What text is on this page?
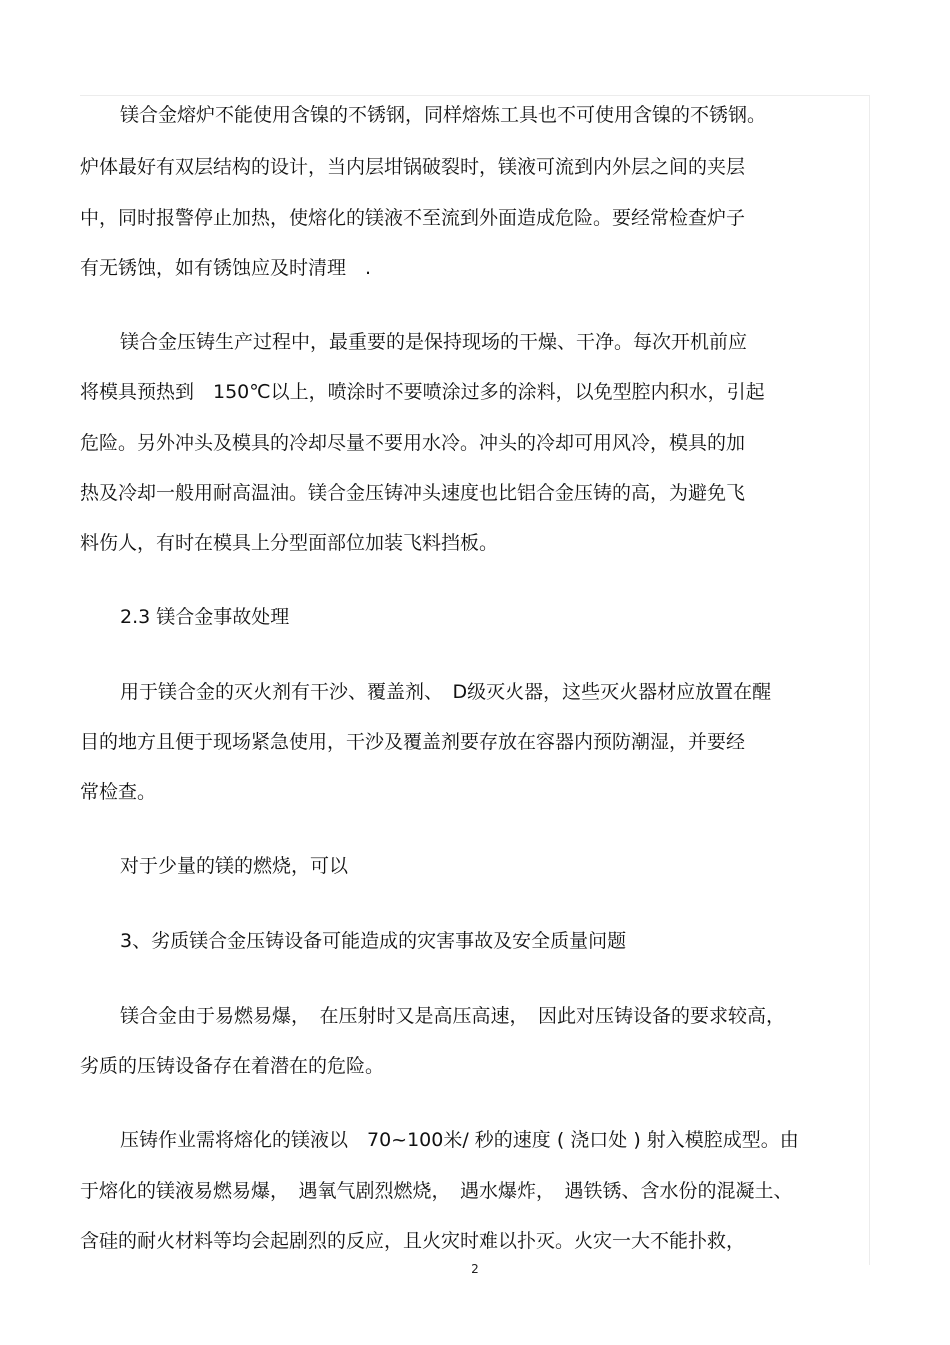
镁合金熔炉不能使用含镍的不锈钢，同样熔炼工具也不可使用含镍的不锈钢。
炉体最好有双层结构的设计，当内层坩锅破裂时，镁液可流到内外层之间的夹层
中，同时报警停止加热，使熔化的镁液不至流到外面造成危险。要经常检查炉子
有无锈蚀，如有锈蚀应及时清理　.
镁合金压铸生产过程中，最重要的是保持现场的干燥、干净。每次开机前应
将模具预热到　150℃以上，喷涂时不要喷涂过多的涂料，以免型腔内积水，引起
危险。另外冲头及模具的冷却尽量不要用水冷。冲头的冷却可用风冷，模具的加
热及冷却一般用耐高温油。镁合金压铸冲头速度也比铝合金压铸的高，为避免飞
料伤人，有时在模具上分型面部位加装飞料挡板。
2.3 镁合金事故处理
用于镁合金的灭火剂有干沙、覆盖剂、　D级灭火器，这些灭火器材应放置在醒
目的地方且便于现场紧急使用，干沙及覆盖剂要存放在容器内预防潮湿，并要经
常检查。
对于少量的镁的燃烧，可以
3、劣质镁合金压铸设备可能造成的灾害事故及安全质量问题
镁合金由于易燃易爆，　在压射时又是高压高速，　因此对压铸设备的要求较高，
劣质的压铸设备存在着潜在的危险。
压铸作业需将熔化的镁液以　70~100米/ 秒的速度 ( 浇口处 ) 射入模腔成型。由
于熔化的镁液易燃易爆，　遇氧气剧烈燃烧，　遇水爆炸，　遇铁锈、含水份的混凝土、
含硅的耐火材料等均会起剧烈的反应，且火灾时难以扑灭。火灾一大不能扑救，
2
